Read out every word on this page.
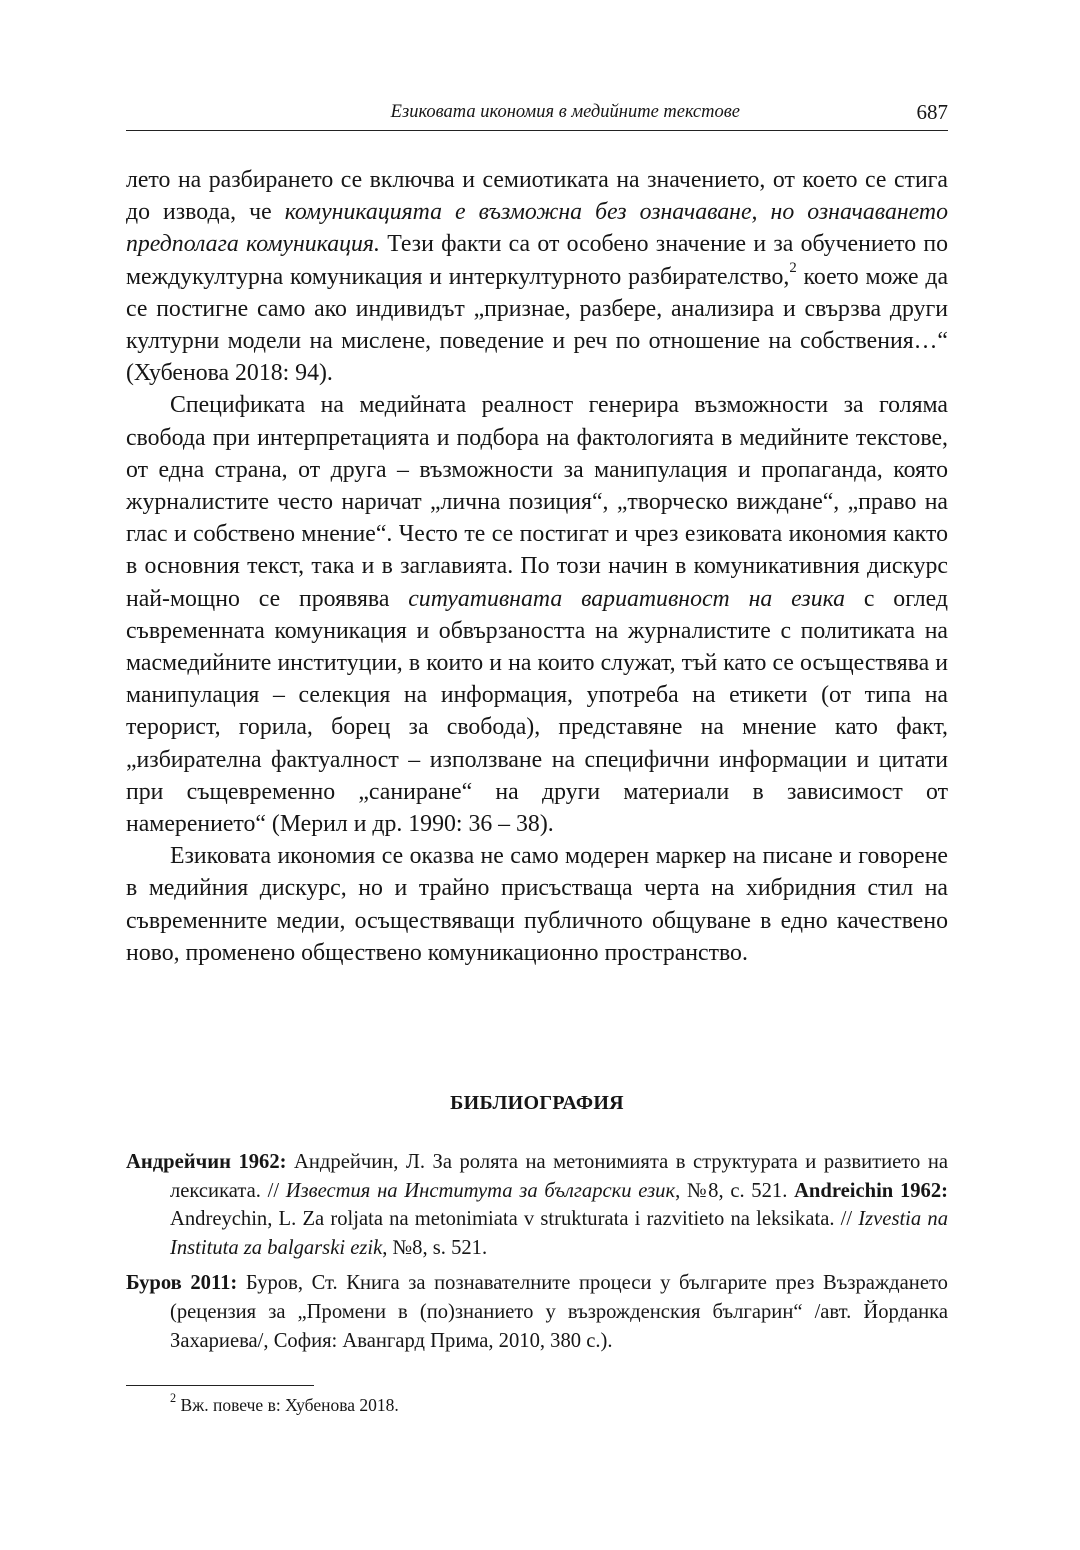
Езиковата икономия в медийните текстове	687

лето на разбирането се включва и семиотиката на значението, от което се стига до извода, че комуникацията е възможна без означаване, но означаването предполага комуникация. Тези факти са от особено значение и за обучението по междукултурна комуникация и интеркултурното разбирателство,$^2$ което може да се постигне само ако индивидът „признае, разбере, анализира и свързва други културни модели на мислене, поведение и реч по отношение на собствения…“ (Хубенова 2018: 94).

Спецификата на медийната реалност генерира възможности за голяма свобода при интерпретацията и подбора на фактологията в медийните текстове, от една страна, от друга – възможности за манипулация и пропаганда, която журналистите често наричат „лична позиция“, „творческо виждане“, „право на глас и собствено мнение“. Често те се постигат и чрез езиковата икономия както в основния текст, така и в заглавията. По този начин в комуникативния дискурс най-мощно се проявява ситуативната вариативност на езика с оглед съвременната комуникация и обвързаността на журналистите с политиката на масмедийните институции, в които и на които служат, тъй като се осъществява и манипулация – селекция на информация, употреба на етикети (от типа на терорист, горила, борец за свобода), представяне на мнение като факт, „избирателна фактуалност – използване на специфични информации и цитати при същевременно „саниране“ на други материали в зависимост от намерението“ (Мерил и др. 1990: 36 – 38).

Езиковата икономия се оказва не само модерен маркер на писане и говорене в медийния дискурс, но и трайно присъстваща черта на хибридния стил на съвременните медии, осъществяващи публичното общуване в едно качествено ново, променено обществено комуникационно пространство.

БИБЛИОГРАФИЯ

Андрейчин 1962: Андрейчин, Л. За ролята на метонимията в структурата и развитието на лексиката. // Известия на Института за български език, №8, с. 521. Andreichin 1962: Andreychin, L. Za roljata na metonimiata v strukturata i razvitieto na leksikata. // Izvestia na Instituta za balgarski ezik, №8, s. 521.

Буров 2011: Буров, Ст. Книга за познавателните процеси у българите през Възраждането (рецензия за „Промени в (по)знанието у възрожденския българин“ /авт. Йорданка Захариева/, София: Авангард Прима, 2010, 380 с.).

$^2$ Вж. повече в: Хубенова 2018.
